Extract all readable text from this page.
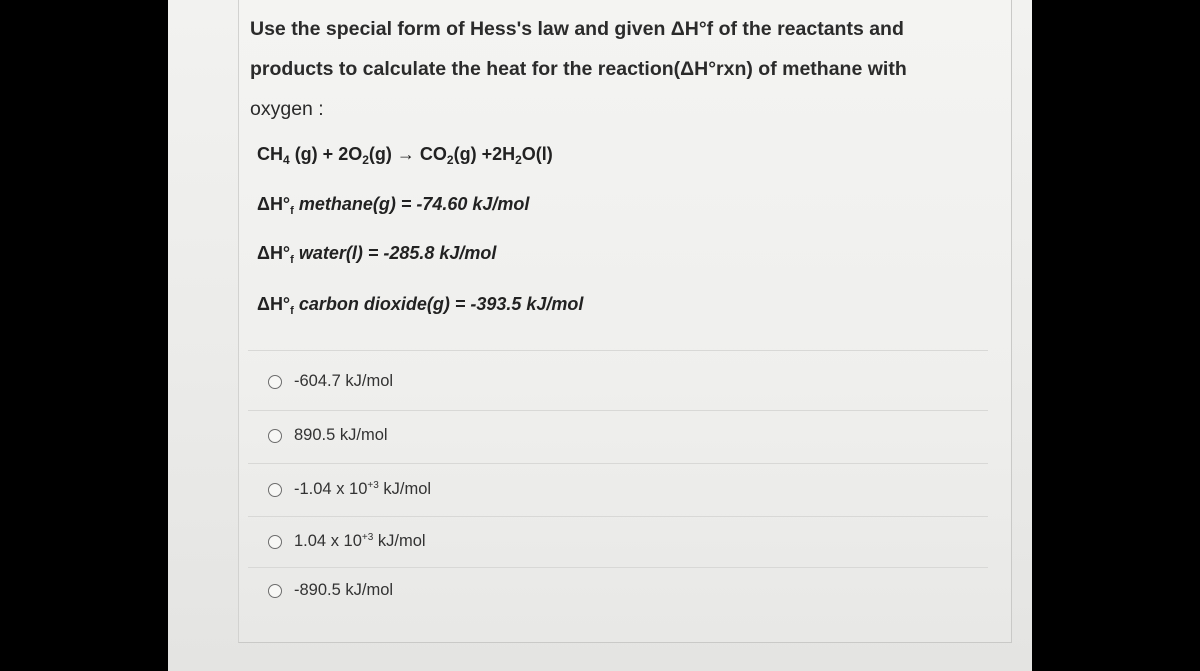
Use the special form of Hess's law and given ΔH°f of the reactants and
products to calculate the heat for the reaction(ΔH°rxn) of methane with
oxygen :
$CH_4$ $(g) + 2O_2(g) \to CO_2(g) +2H_2O(l)$
$\Delta H^\circ_f$ methane(g) = -74.60 kJ/mol
$\Delta H^\circ_f$ water(l) = -285.8 kJ/mol
$\Delta H^\circ_f$ carbon dioxide(g) = -393.5 kJ/mol
-604.7 kJ/mol
890.5 kJ/mol
-1.04 x $10^{+3}$ kJ/mol
1.04 x $10^{+3}$ kJ/mol
-890.5 kJ/mol
